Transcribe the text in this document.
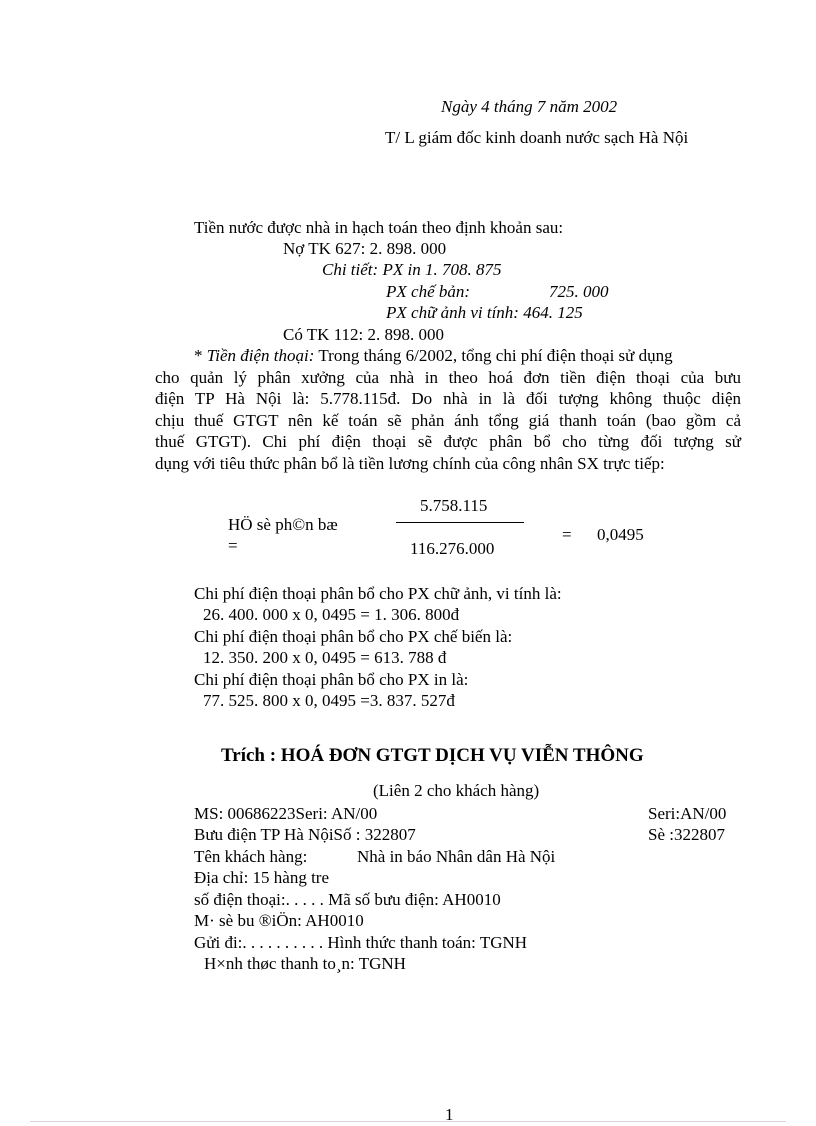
Ngày 4 tháng 7 năm 2002
T/ L giám đốc kinh doanh nước sạch Hà Nội
Tiền nước được nhà in hạch toán theo định khoản sau:
Nợ TK 627: 2. 898. 000
Chi tiết: PX in 1. 708. 875
PX chế bản:	725. 000
PX chữ ảnh vi tính: 464. 125
Có TK 112: 2. 898. 000
* Tiền điện thoại: Trong tháng 6/2002, tổng chi phí điện thoại sử dụng
cho quản lý phân xưởng của nhà in theo hoá đơn tiền điện thoại của bưu
điện TP Hà Nội là: 5.778.115đ. Do nhà in là đối tượng không thuộc diện
chịu thuế GTGT nên kế toán sẽ phản ánh tổng giá thanh toán (bao gồm cả
thuế GTGT). Chi phí điện thoại sẽ được phân bổ cho từng đối tượng sử
dụng với tiêu thức phân bổ là tiền lương chính của công nhân SX trực tiếp:
HÖ sè ph©n bæ
=
5.758.115
116.276.000
= 0,0495
Chi phí điện thoại phân bổ cho PX chữ ảnh, vi tính là:
26. 400. 000 x 0, 0495 = 1. 306. 800đ
Chi phí điện thoại phân bổ cho PX chế biến là:
12. 350. 200 x 0, 0495 = 613. 788 đ
Chi phí điện thoại phân bổ cho PX in là:
77. 525. 800 x 0, 0495 =3. 837. 527đ
Trích : HOÁ ĐƠN GTGT DỊCH VỤ VIỄN THÔNG
(Liên 2 cho khách hàng)
MS: 00686223Seri: AN/00	Seri:AN/00
Bưu điện TP Hà NộiSố : 322807	Sè :322807
Tên khách hàng:	Nhà in báo Nhân dân Hà Nội
Địa chỉ: 15 hàng tre
số điện thoại:. . . . . Mã số bưu điện: AH0010
M· sè bu ®iÖn: AH0010
Gửi đi:. . . . . . . . . . Hình thức thanh toán: TGNH
H×nh thøc thanh to¸n: TGNH
1
